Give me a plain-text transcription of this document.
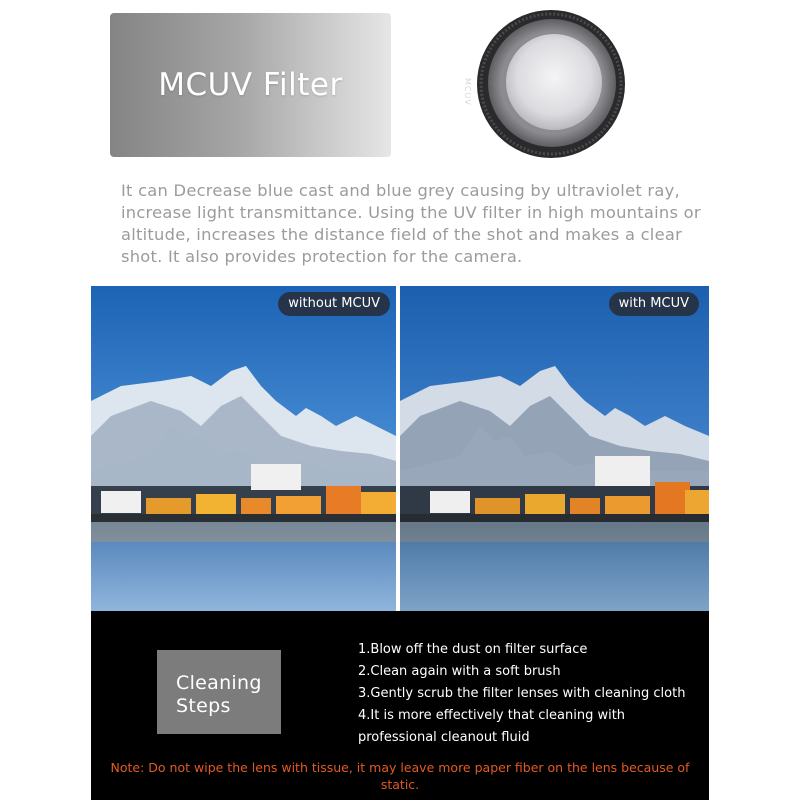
MCUV Filter	MCUV
It can Decrease blue cast and blue grey causing by ultraviolet ray, increase light transmittance. Using the UV filter in high mountains or altitude, increases the distance field of the shot and makes a clear shot. It also provides protection for the camera.
without MCUV	with MCUV
Cleaning Steps
1.Blow off the dust on filter surface
2.Clean again with a soft brush
3.Gently scrub the filter lenses with cleaning cloth
4.It is more effectively that cleaning with professional cleanout fluid
Note: Do not wipe the lens with tissue, it may leave more paper fiber on the lens because of static.
